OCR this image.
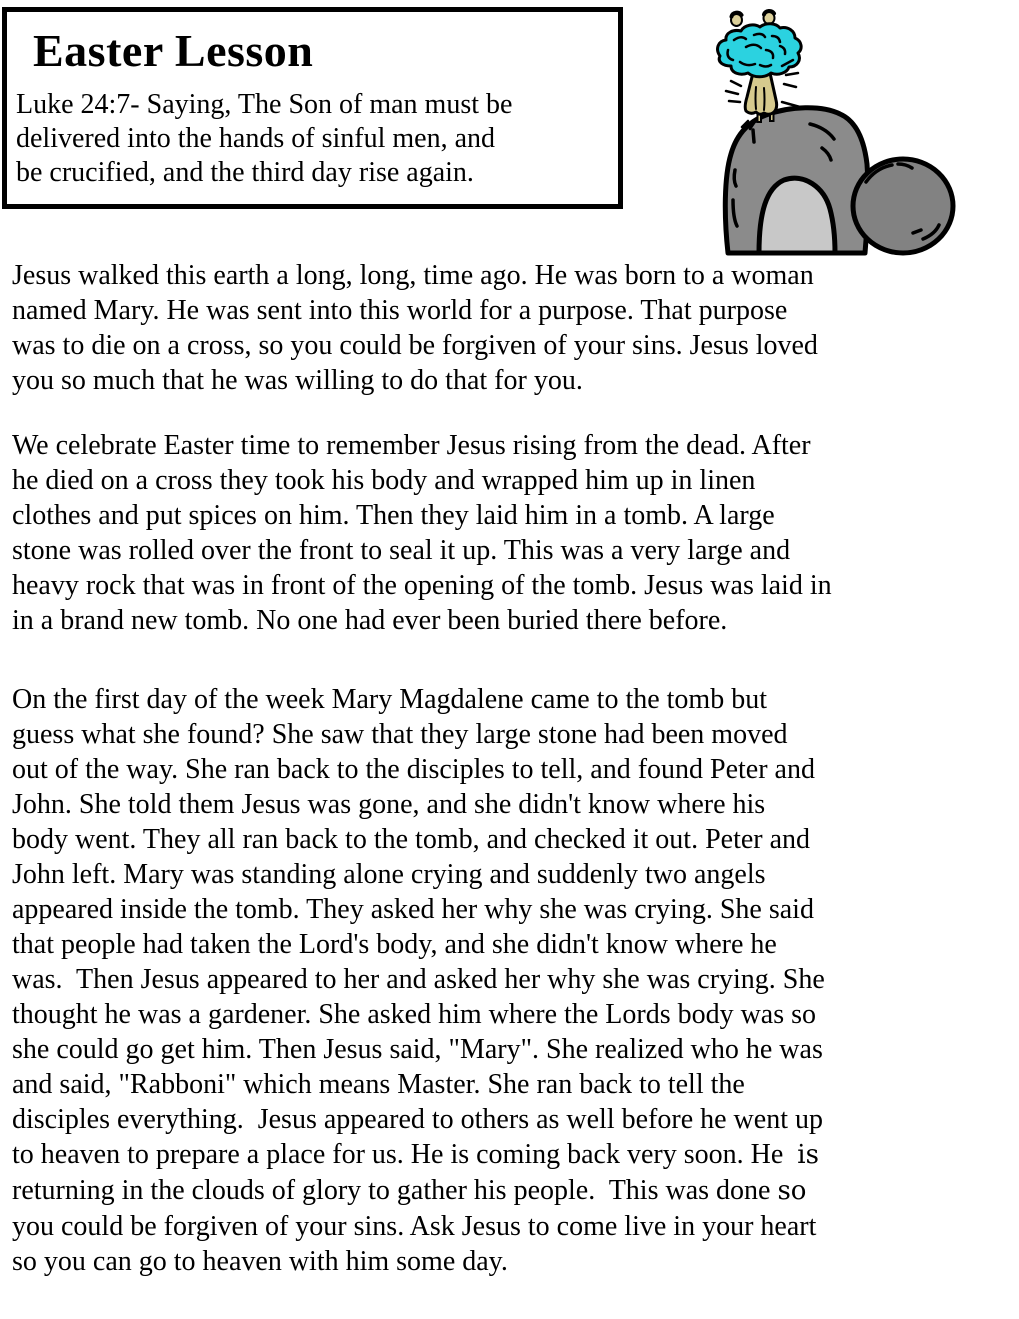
Easter Lesson
Luke 24:7- Saying, The Son of man must be
delivered into the hands of sinful men, and
be crucified, and the third day rise again.
Jesus walked this earth a long, long, time ago. He was born to a woman
named Mary. He was sent into this world for a purpose. That purpose
was to die on a cross, so you could be forgiven of your sins. Jesus loved
you so much that he was willing to do that for you.
We celebrate Easter time to remember Jesus rising from the dead. After
he died on a cross they took his body and wrapped him up in linen
clothes and put spices on him. Then they laid him in a tomb. A large
stone was rolled over the front to seal it up. This was a very large and
heavy rock that was in front of the opening of the tomb. Jesus was laid in
in a brand new tomb. No one had ever been buried there before.
On the first day of the week Mary Magdalene came to the tomb but
guess what she found? She saw that they large stone had been moved
out of the way. She ran back to the disciples to tell, and found Peter and
John. She told them Jesus was gone, and she didn't know where his
body went. They all ran back to the tomb, and checked it out. Peter and
John left. Mary was standing alone crying and suddenly two angels
appeared inside the tomb. They asked her why she was crying. She said
that people had taken the Lord's body, and she didn't know where he
was.  Then Jesus appeared to her and asked her why she was crying. She
thought he was a gardener. She asked him where the Lords body was so
she could go get him. Then Jesus said, "Mary". She realized who he was
and said, "Rabboni" which means Master. She ran back to tell the
disciples everything.  Jesus appeared to others as well before he went up
to heaven to prepare a place for us. He is coming back very soon. He  is
returning in the clouds of glory to gather his people.  This was done so
you could be forgiven of your sins. Ask Jesus to come live in your heart
so you can go to heaven with him some day.
